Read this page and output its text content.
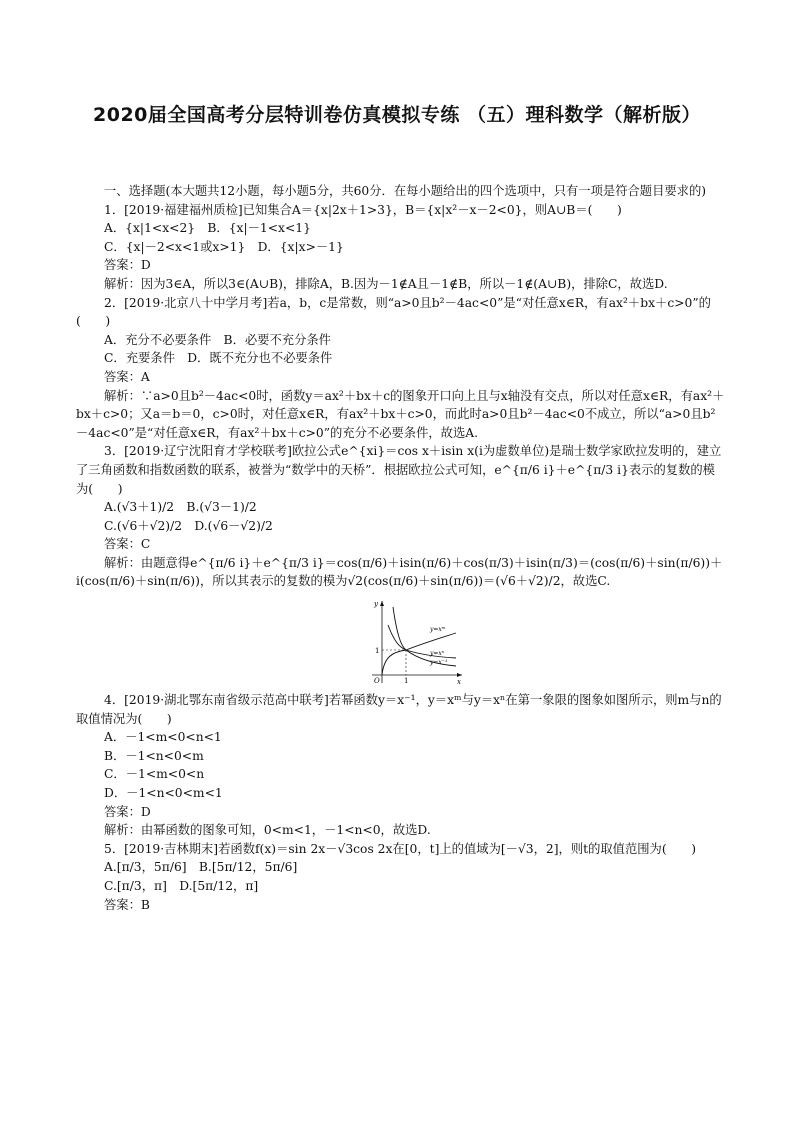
2020届全国高考分层特训卷仿真模拟专练 （五）理科数学（解析版）

一、选择题(本大题共12小题，每小题5分，共60分．在每小题给出的四个选项中，只有一项是符合题目要求的)

1．[2019·福建福州质检]已知集合A＝{x|2x＋1>3}，B＝{x|x²－x－2<0}，则A∪B＝(　　)

A．{x|1<x<2}　B．{x|－1<x<1}

C．{x|－2<x<1或x>1}　D．{x|x>－1}

答案：D

解析：因为3∈A，所以3∈(A∪B)，排除A，B.因为－1∉A且－1∉B，所以－1∉(A∪B)，排除C，故选D.

2．[2019·北京八十中学月考]若a，b，c是常数，则“a>0且b²－4ac<0”是“对任意x∈R，有ax²＋bx＋c>0”的(　　)

A．充分不必要条件　B．必要不充分条件

C．充要条件　D．既不充分也不必要条件

答案：A

解析：∵a>0且b²－4ac<0时，函数y＝ax²＋bx＋c的图象开口向上且与x轴没有交点，所以对任意x∈R，有ax²＋bx＋c>0；又a＝b＝0，c>0时，对任意x∈R，有ax²＋bx＋c>0，而此时a>0且b²－4ac<0不成立，所以“a>0且b²－4ac<0”是“对任意x∈R，有ax²＋bx＋c>0”的充分不必要条件，故选A.

3．[2019·辽宁沈阳育才学校联考]欧拉公式e^{xi}＝cos x＋isin x(i为虚数单位)是瑞士数学家欧拉发明的，建立了三角函数和指数函数的联系，被誉为“数学中的天桥”．根据欧拉公式可知，e^{π/6 i}＋e^{π/3 i}表示的复数的模为(　　)

A.(√3＋1)/2　B.(√3－1)/2

C.(√6＋√2)/2　D.(√6－√2)/2

答案：C

解析：由题意得e^{π/6 i}＋e^{π/3 i}＝cos(π/6)＋isin(π/6)＋cos(π/3)＋isin(π/3)＝(cos(π/6)＋sin(π/6))＋i(cos(π/6)＋sin(π/6))，所以其表示的复数的模为√2(cos(π/6)＋sin(π/6))＝(√6＋√2)/2，故选C.

y
x
O	1
1
y=xᵐ
y=xⁿ
y=x⁻¹

4．[2019·湖北鄂东南省级示范高中联考]若幂函数y＝x⁻¹，y＝xᵐ与y＝xⁿ在第一象限的图象如图所示，则m与n的取值情况为(　　)

A．－1<m<0<n<1

B．－1<n<0<m

C．－1<m<0<n

D．－1<n<0<m<1

答案：D

解析：由幂函数的图象可知，0<m<1，－1<n<0，故选D.

5．[2019·吉林期末]若函数f(x)＝sin 2x－√3cos 2x在[0，t]上的值域为[－√3，2]，则t的取值范围为(　　)

A.[π/3，5π/6]　B.[5π/12，5π/6]

C.[π/3，π]　D.[5π/12，π]

答案：B
